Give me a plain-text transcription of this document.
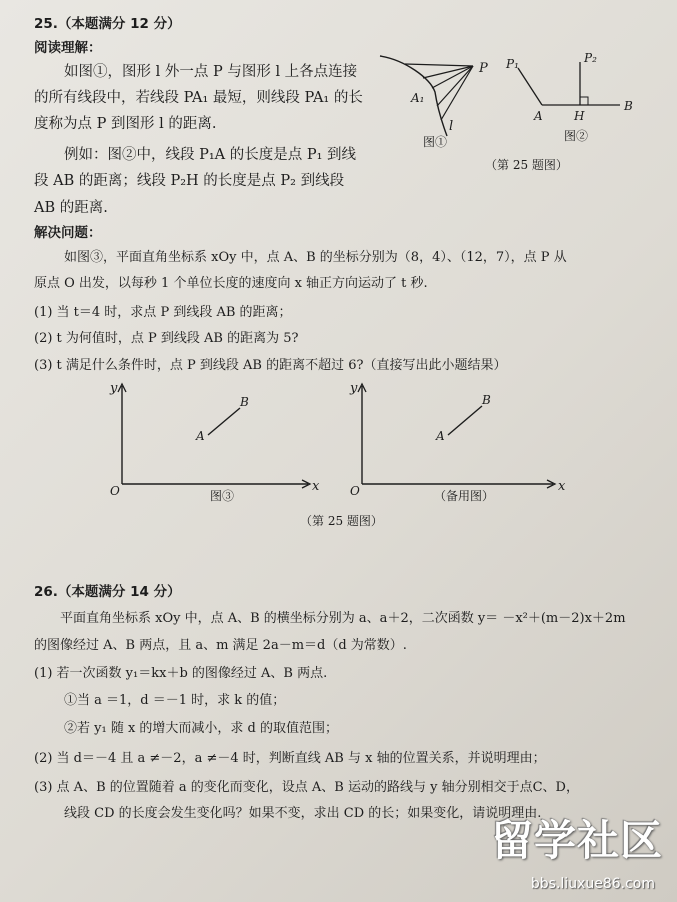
25.（本题满分 12 分）
阅读理解：
如图①，图形 l 外一点 P 与图形 l 上各点连接
的所有线段中，若线段 PA₁ 最短，则线段 PA₁ 的长
度称为点 P 到图形 l 的距离.
例如：图②中，线段 P₁A 的长度是点 P₁ 到线
段 AB 的距离；线段 P₂H 的长度是点 P₂ 到线段
AB 的距离.
P
A₁
l
图①
P₁	P₂
A	H
B
图②
（第 25 题图）
解决问题：
如图③，平面直角坐标系 xOy 中，点 A、B 的坐标分别为（8，4）、（12，7），点 P 从
原点 O 出发，以每秒 1 个单位长度的速度向 x 轴正方向运动了 t 秒.
(1) 当 t＝4 时，求点 P 到线段 AB 的距离；
(2) t 为何值时，点 P 到线段 AB 的距离为 5?
(3) t 满足什么条件时，点 P 到线段 AB 的距离不超过 6?（直接写出此小题结果）
y
x
O
A
B
图③
y
x
O
A
B
（备用图）
（第 25 题图）
26.（本题满分 14 分）
平面直角坐标系 xOy 中，点 A、B 的横坐标分别为 a、a＋2，二次函数 y＝ －x²＋(m－2)x＋2m
的图像经过 A、B 两点，且 a、m 满足 2a－m＝d（d 为常数）.
(1) 若一次函数 y₁＝kx＋b 的图像经过 A、B 两点.
①当 a ＝1，d ＝－1 时，求 k 的值；
②若 y₁ 随 x 的增大而减小，求 d 的取值范围；
(2) 当 d＝－4 且 a ≠－2，a ≠－4 时，判断直线 AB 与 x 轴的位置关系，并说明理由；
(3) 点 A、B 的位置随着 a 的变化而变化，设点 A、B 运动的路线与 y 轴分别相交于点C、D，
线段 CD 的长度会发生变化吗？如果不变，求出 CD 的长；如果变化，请说明理由.
留学社区
bbs.liuxue86.com
